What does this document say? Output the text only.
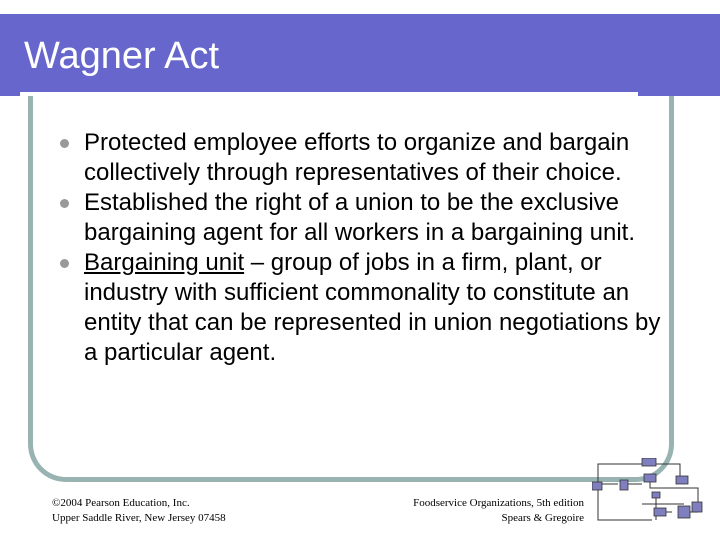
Wagner Act
Protected employee efforts to organize and bargain collectively through representatives of their choice.
Established the right of a union to be the exclusive bargaining agent for all workers in a bargaining unit.
Bargaining unit – group of jobs in a firm, plant, or industry with sufficient commonality to constitute an entity that can be represented in union negotiations by a particular agent.
©2004 Pearson Education, Inc.
Upper Saddle River, New Jersey 07458
Foodservice Organizations, 5th edition
Spears & Gregoire
